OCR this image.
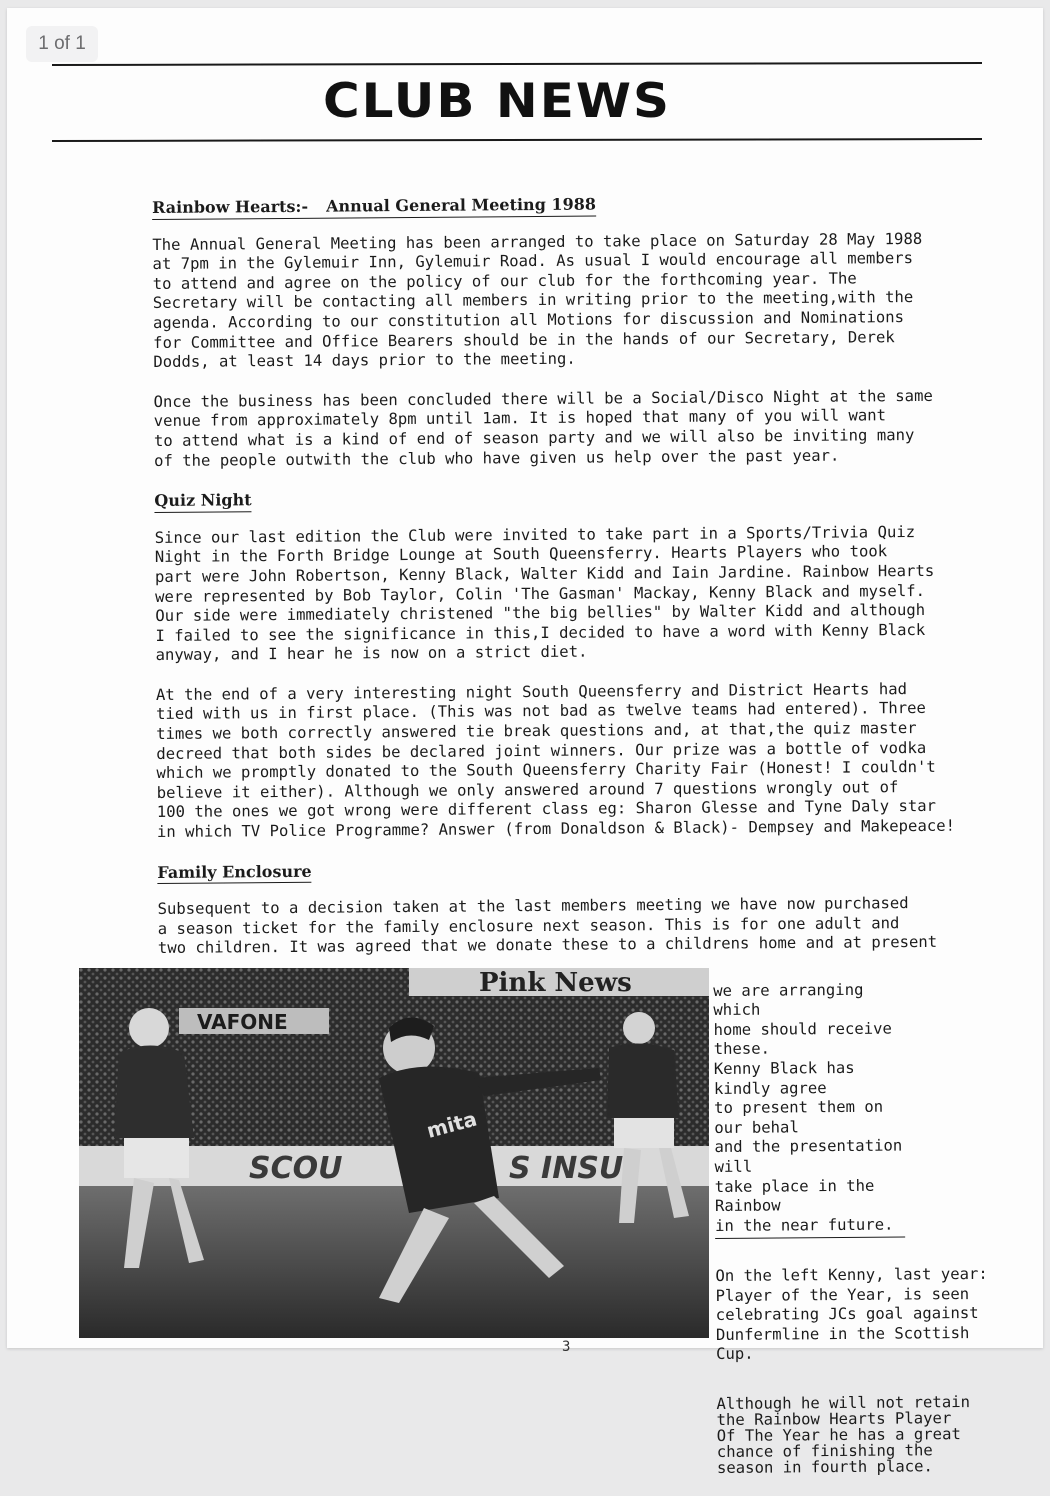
1 of 1
CLUB NEWS
Rainbow Hearts:- Annual General Meeting 1988
The Annual General Meeting has been arranged to take place on Saturday 28 May 1988
at 7pm in the Gylemuir Inn, Gylemuir Road. As usual I would encourage all members
to attend and agree on the policy of our club for the forthcoming year. The
Secretary will be contacting all members in writing prior to the meeting,with the
agenda. According to our constitution all Motions for discussion and Nominations
for Committee and Office Bearers should be in the hands of our Secretary, Derek
Dodds, at least 14 days prior to the meeting.
Once the business has been concluded there will be a Social/Disco Night at the same
venue from approximately 8pm until 1am. It is hoped that many of you will want
to attend what is a kind of end of season party and we will also be inviting many
of the people outwith the club who have given us help over the past year.
Quiz Night
Since our last edition the Club were invited to take part in a Sports/Trivia Quiz
Night in the Forth Bridge Lounge at South Queensferry. Hearts Players who took
part were John Robertson, Kenny Black, Walter Kidd and Iain Jardine. Rainbow Hearts
were represented by Bob Taylor, Colin 'The Gasman' Mackay, Kenny Black and myself.
Our side were immediately christened "the big bellies" by Walter Kidd and although
I failed to see the significance in this,I decided to have a word with Kenny Black
anyway, and I hear he is now on a strict diet.
At the end of a very interesting night South Queensferry and District Hearts had
tied with us in first place. (This was not bad as twelve teams had entered). Three
times we both correctly answered tie break questions and, at that,the quiz master
decreed that both sides be declared joint winners. Our prize was a bottle of vodka
which we promptly donated to the South Queensferry Charity Fair (Honest! I couldn't
believe it either). Although we only answered around 7 questions wrongly out of
100 the ones we got wrong were different class eg: Sharon Glesse and Tyne Daly star
in which TV Police Programme? Answer (from Donaldson & Black)- Dempsey and Makepeace!
Family Enclosure
Subsequent to a decision taken at the last members meeting we have now purchased
a season ticket for the family enclosure next season. This is for one adult and
two children. It was agreed that we donate these to a childrens home and at present
Pink News
VAFONE
SCOU	S INSU
mita

we are arranging which
home should receive these.
Kenny Black has kindly agree
to present them on our behal
and the presentation will
take place in the Rainbow
in the near future.

On the left Kenny, last year:
Player of the Year, is seen
celebrating JCs goal against
Dunfermline in the Scottish
Cup.

Although he will not retain
the Rainbow Hearts Player
Of The Year he has a great
chance of finishing the
season in fourth place.

3
